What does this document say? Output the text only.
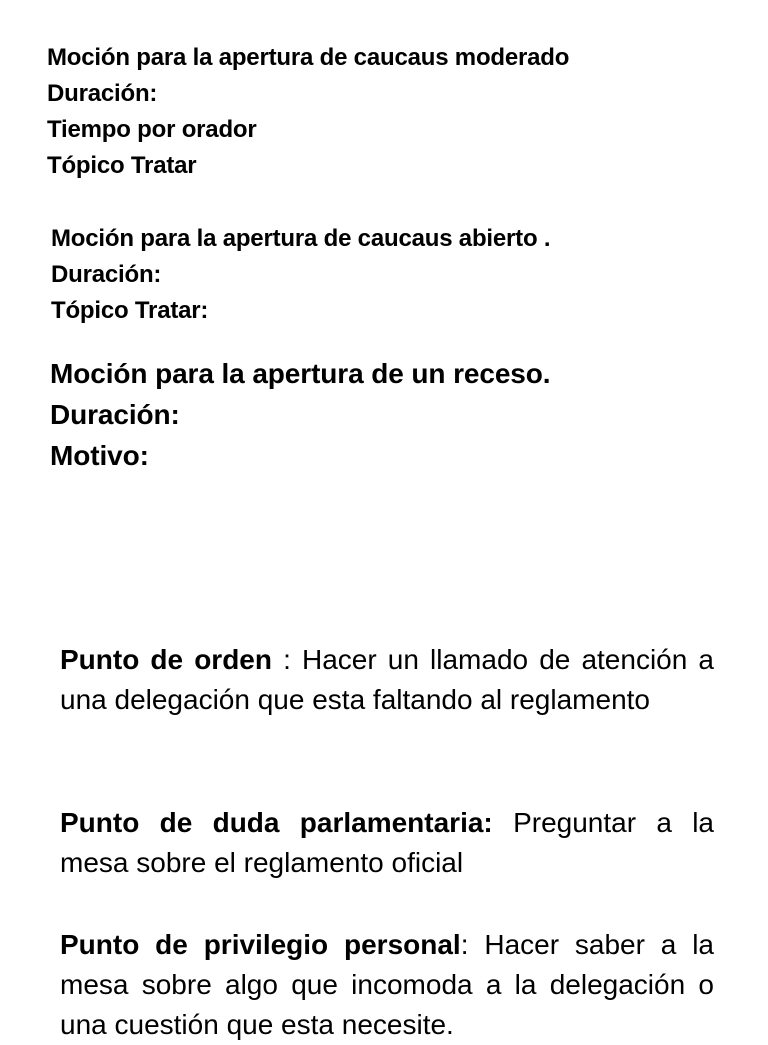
Moción para la apertura de caucaus moderado
Duración:
Tiempo por orador
Tópico Tratar
Moción para la apertura de caucaus abierto .
Duración:
Tópico Tratar:
Moción para la apertura de un receso.
Duración:
Motivo:

Punto de orden : Hacer un llamado de atención a una delegación que esta faltando al reglamento

Punto de duda parlamentaria: Preguntar a la mesa sobre el reglamento oficial

Punto de privilegio personal: Hacer saber a la mesa sobre algo que incomoda a la delegación o una cuestión que esta necesite.
